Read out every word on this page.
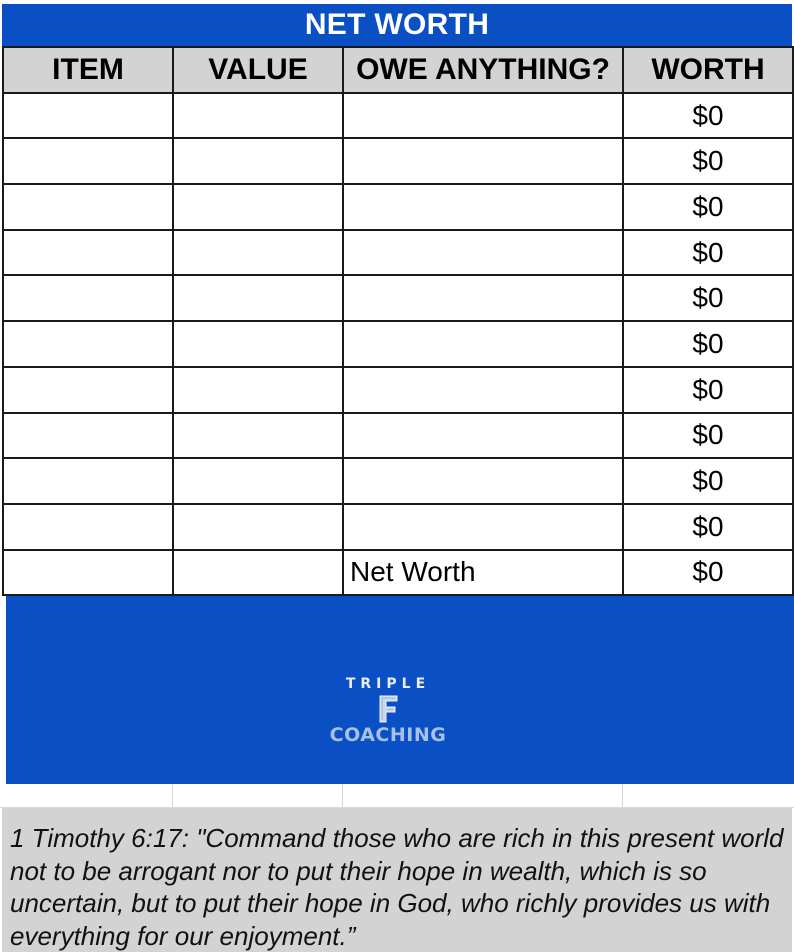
NET WORTH
ITEM	VALUE	OWE ANYTHING?	WORTH
			$0
			$0
			$0
			$0
			$0
			$0
			$0
			$0
			$0
			$0
		Net Worth	$0
TRIPLE
COACHING
1 Timothy 6:17: "Command those who are rich in this present world not to be arrogant nor to put their hope in wealth, which is so uncertain, but to put their hope in God, who richly provides us with everything for our enjoyment.”
